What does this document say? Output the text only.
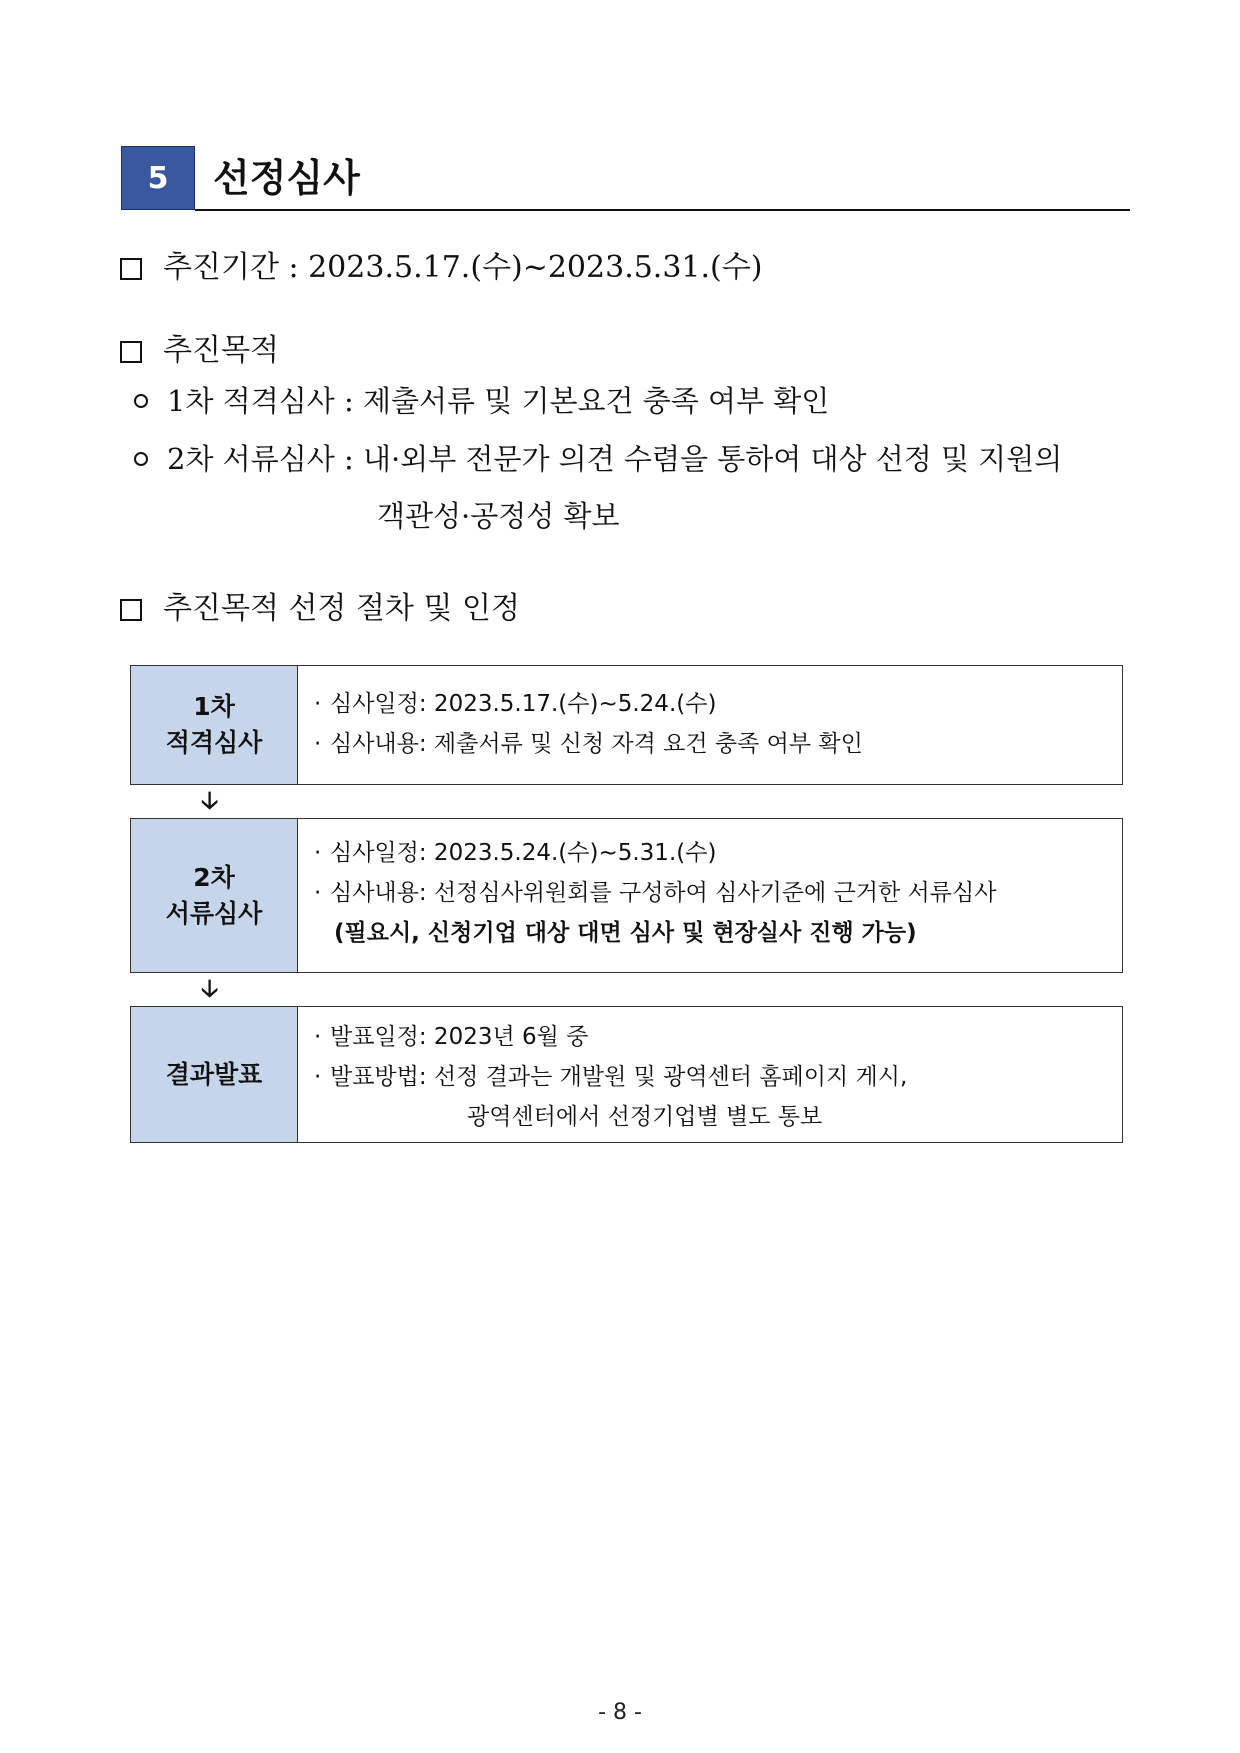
5	선정심사
추진기간 : 2023.5.17.(수)~2023.5.31.(수)
추진목적
1차 적격심사 : 제출서류 및 기본요건 충족 여부 확인
2차 서류심사 : 내·외부 전문가 의견 수렴을 통하여 대상 선정 및 지원의
객관성·공정성 확보
추진목적 선정 절차 및 인정
1차
적격심사
· 심사일정: 2023.5.17.(수)~5.24.(수)
· 심사내용: 제출서류 및 신청 자격 요건 충족 여부 확인
🡣
2차
서류심사
· 심사일정: 2023.5.24.(수)~5.31.(수)
· 심사내용: 선정심사위원회를 구성하여 심사기준에 근거한 서류심사
(필요시, 신청기업 대상 대면 심사 및 현장실사 진행 가능)
🡣
결과발표
· 발표일정: 2023년 6월 중
· 발표방법: 선정 결과는 개발원 및 광역센터 홈페이지 게시,
광역센터에서 선정기업별 별도 통보
- 8 -
